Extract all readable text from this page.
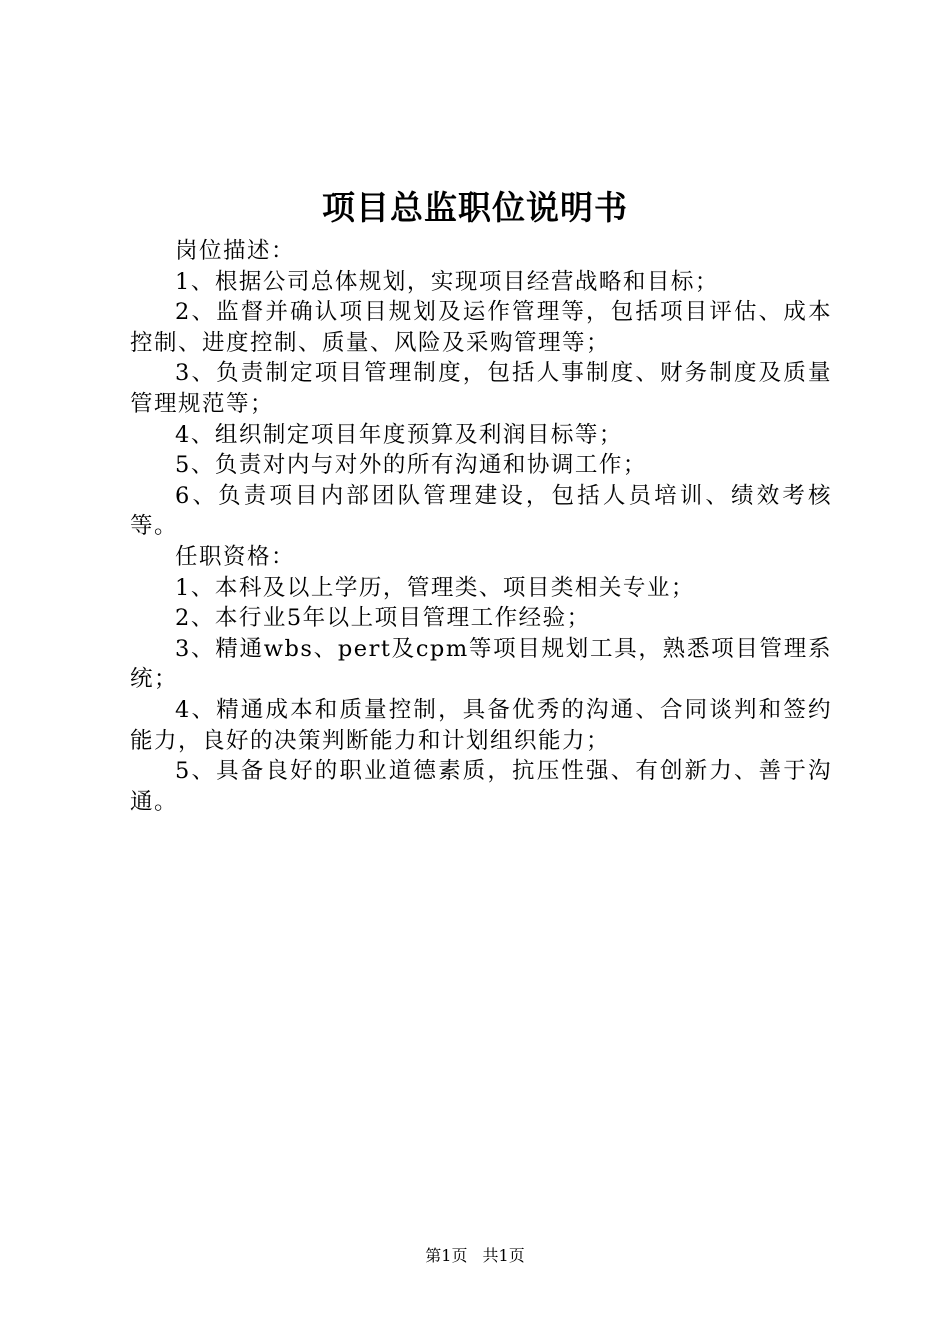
项目总监职位说明书

岗位描述：

1、根据公司总体规划，实现项目经营战略和目标；

2、监督并确认项目规划及运作管理等，包括项目评估、成本控制、进度控制、质量、风险及采购管理等；

3、负责制定项目管理制度，包括人事制度、财务制度及质量管理规范等；

4、组织制定项目年度预算及利润目标等；

5、负责对内与对外的所有沟通和协调工作；

6、负责项目内部团队管理建设，包括人员培训、绩效考核等。

任职资格：

1、本科及以上学历，管理类、项目类相关专业；

2、本行业5年以上项目管理工作经验；

3、精通wbs、pert及cpm等项目规划工具，熟悉项目管理系统；

4、精通成本和质量控制，具备优秀的沟通、合同谈判和签约能力，良好的决策判断能力和计划组织能力；

5、具备良好的职业道德素质，抗压性强、有创新力、善于沟通。

第1页 共1页
